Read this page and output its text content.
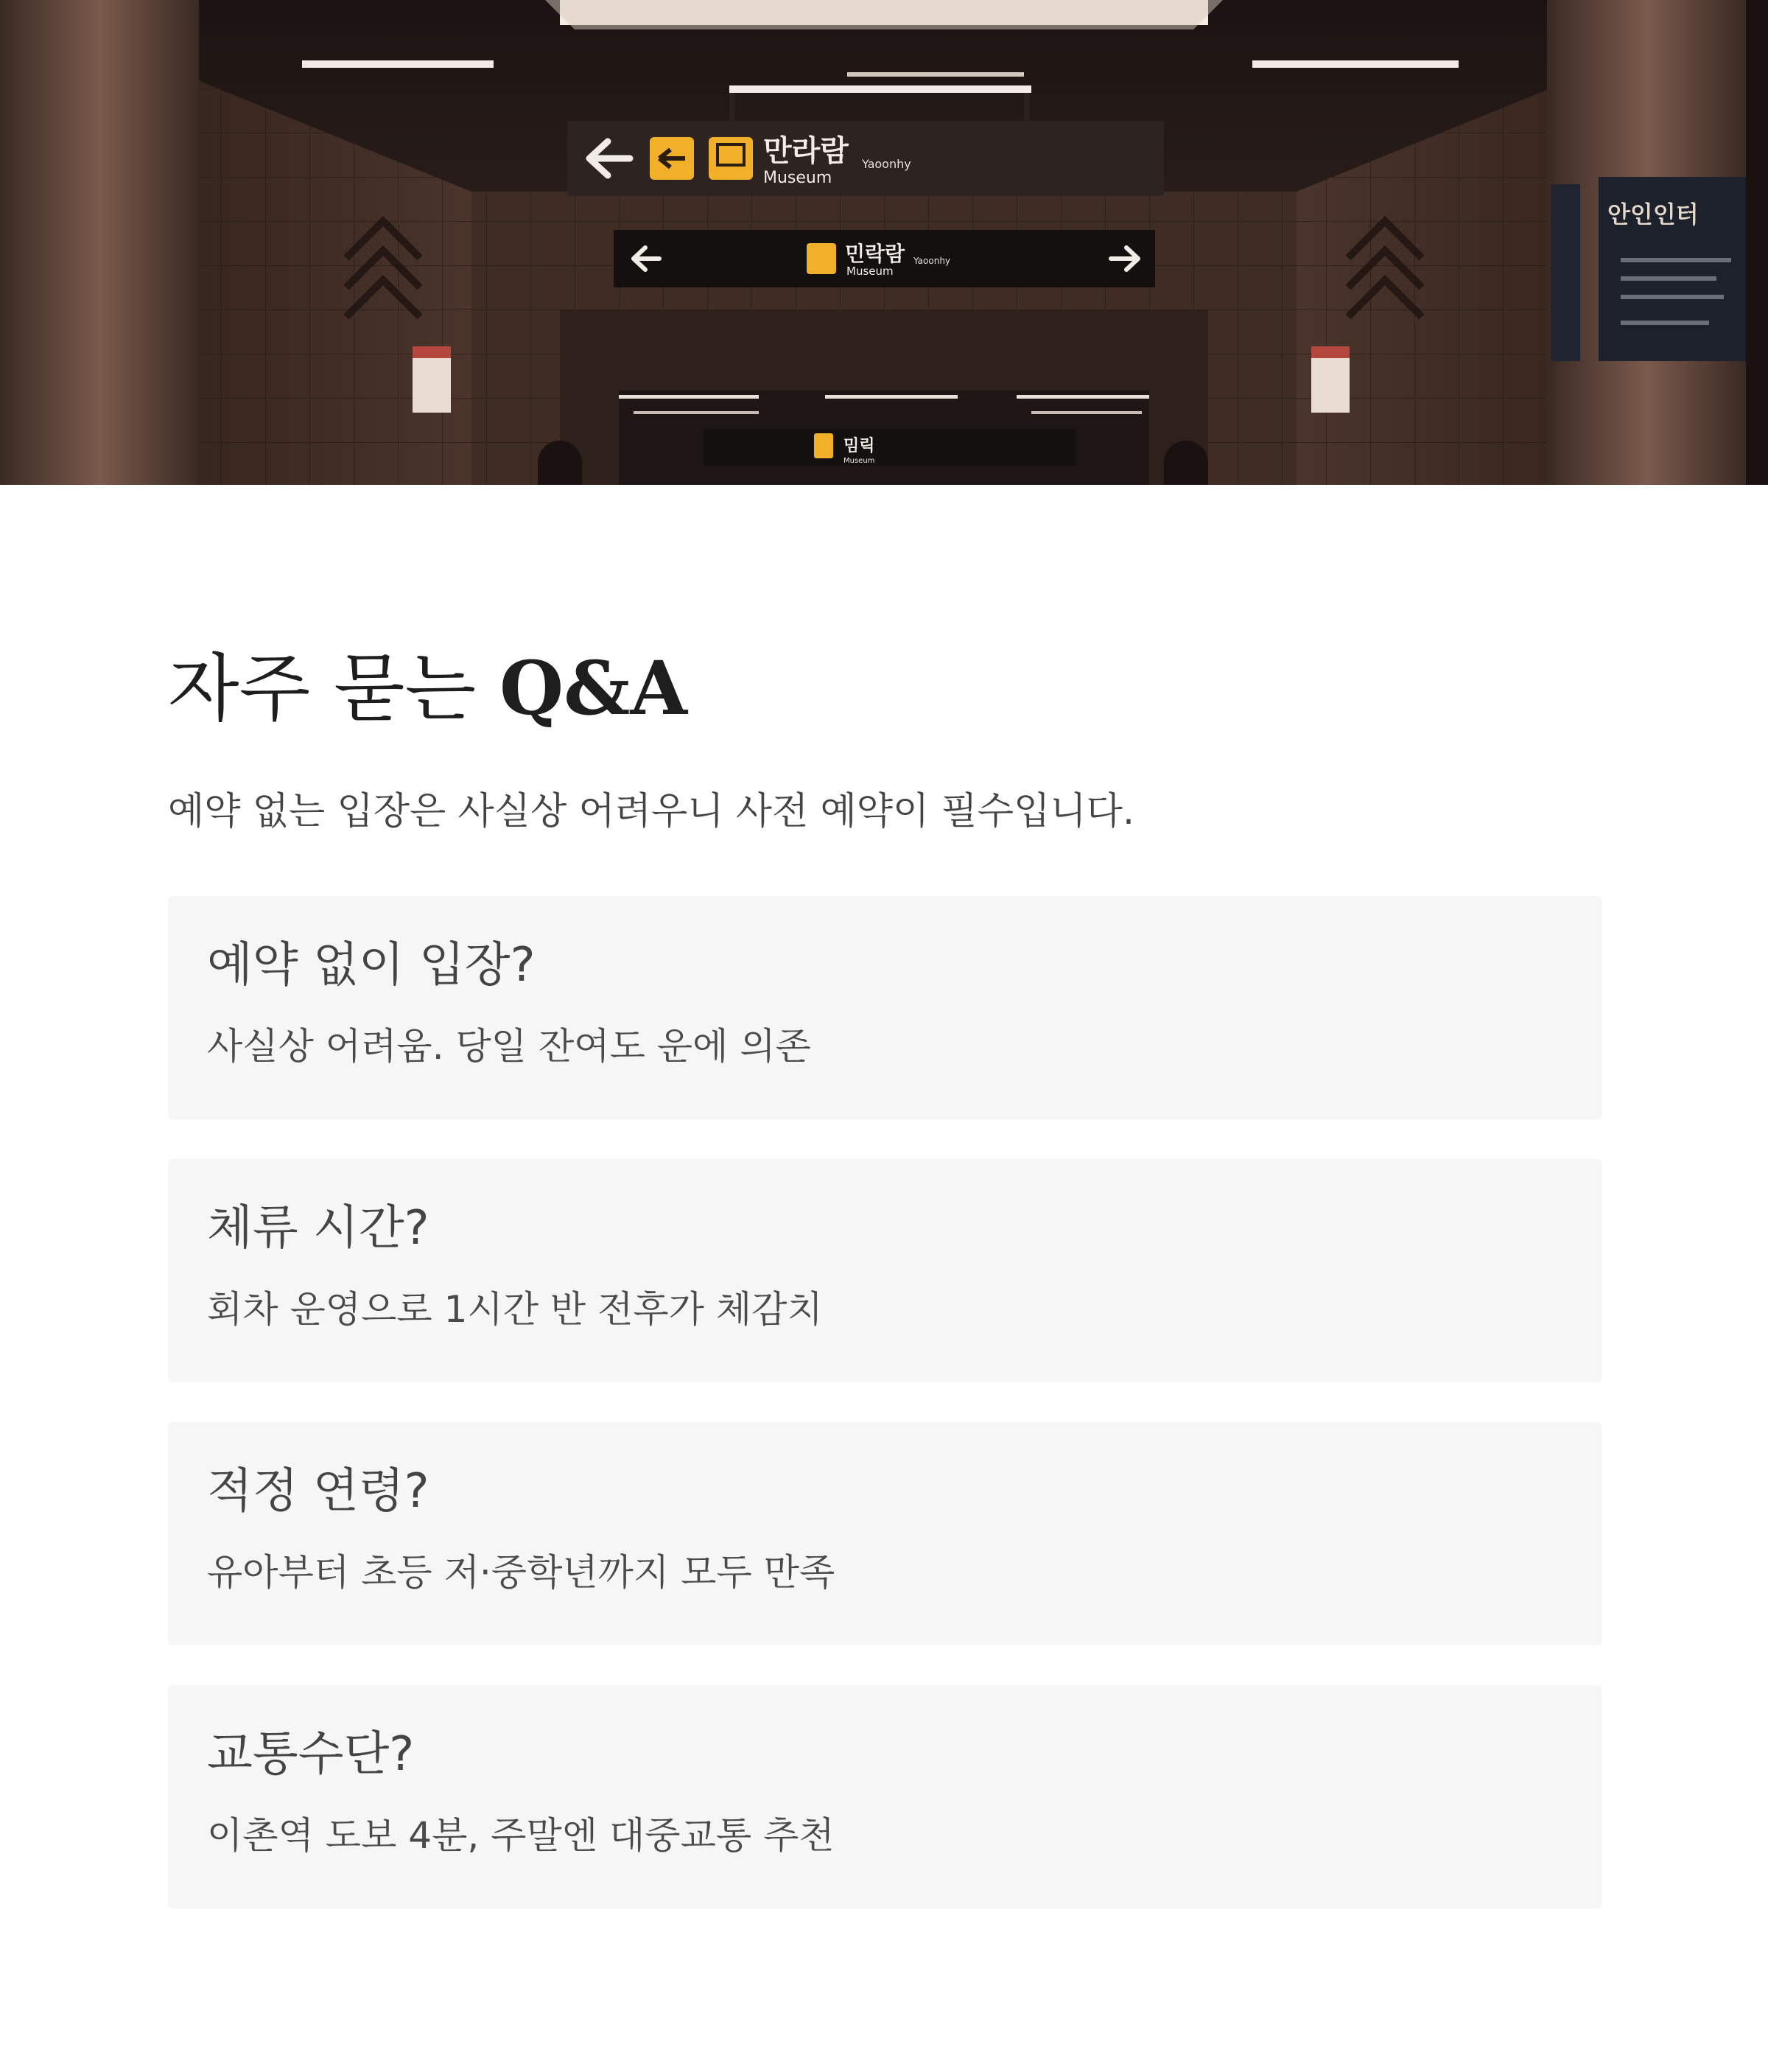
만라람 Yaoonhy
Museum
민락람 Yaoonhy
Museum
밈릭
Museum
안인인터
자주 묻는 Q&A

예약 없는 입장은 사실상 어려우니 사전 예약이 필수입니다.

예약 없이 입장?

사실상 어려움. 당일 잔여도 운에 의존

체류 시간?

회차 운영으로 1시간 반 전후가 체감치

적정 연령?

유아부터 초등 저·중학년까지 모두 만족

교통수단?

이촌역 도보 4분, 주말엔 대중교통 추천
